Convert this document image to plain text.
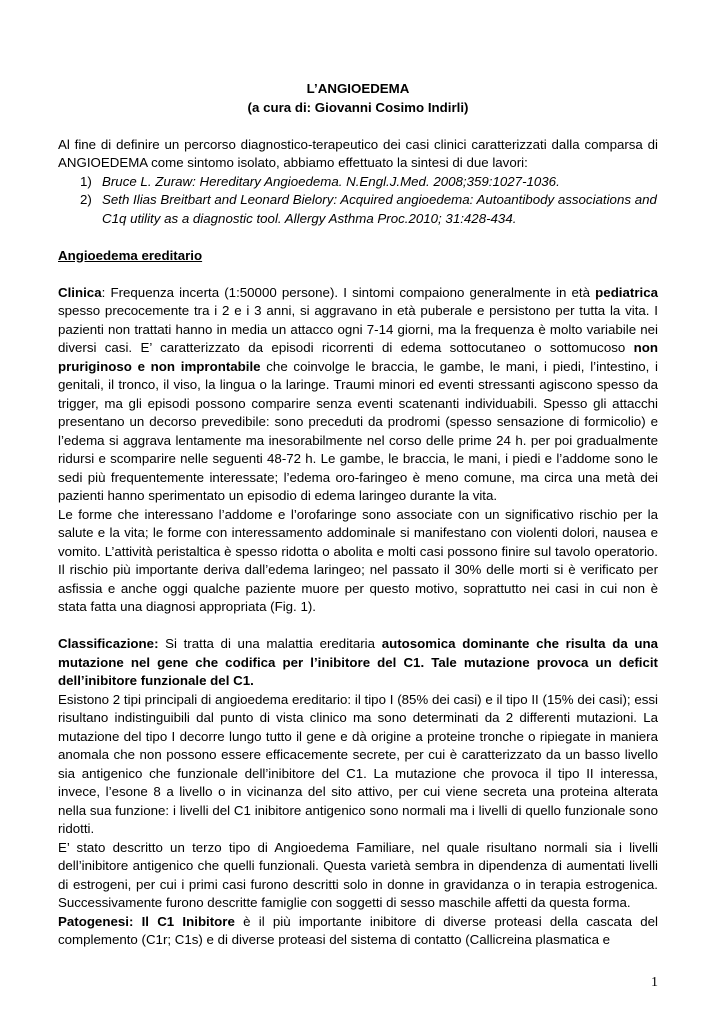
L’ANGIOEDEMA

(a cura di: Giovanni Cosimo Indirli)

Al fine di definire un percorso diagnostico-terapeutico dei casi clinici caratterizzati dalla comparsa di ANGIOEDEMA come sintomo isolato, abbiamo effettuato la sintesi di due lavori:

1) Bruce L. Zuraw: Hereditary Angioedema. N.Engl.J.Med. 2008;359:1027-1036.
2) Seth Ilias Breitbart and Leonard Bielory: Acquired angioedema: Autoantibody associations and C1q utility as a diagnostic tool. Allergy Asthma Proc.2010; 31:428-434.

Angioedema ereditario

Clinica: Frequenza incerta (1:50000 persone). I sintomi compaiono generalmente in età pediatrica spesso precocemente tra i 2 e i 3 anni, si aggravano in età puberale e persistono per tutta la vita. I pazienti non trattati hanno in media un attacco ogni 7-14 giorni, ma la frequenza è molto variabile nei diversi casi. E’ caratterizzato da episodi ricorrenti di edema sottocutaneo o sottomucoso non pruriginoso e non improntabile che coinvolge le braccia, le gambe, le mani, i piedi, l’intestino, i genitali, il tronco, il viso, la lingua o la laringe. Traumi minori ed eventi stressanti agiscono spesso da trigger, ma gli episodi possono comparire senza eventi scatenanti individuabili. Spesso gli attacchi presentano un decorso prevedibile: sono preceduti da prodromi (spesso sensazione di formicolio) e l’edema si aggrava lentamente ma inesorabilmente nel corso delle prime 24 h. per poi gradualmente ridursi e scomparire nelle seguenti 48-72 h. Le gambe, le braccia, le mani, i piedi e l’addome sono le sedi più frequentemente interessate; l’edema oro-faringeo è meno comune, ma circa una metà dei pazienti hanno sperimentato un episodio di edema laringeo durante la vita.

Le forme che interessano l’addome e l’orofaringe sono associate con un significativo rischio per la salute e la vita; le forme con interessamento addominale si manifestano con violenti dolori, nausea e vomito. L’attività peristaltica è spesso ridotta o abolita e molti casi possono finire sul tavolo operatorio. Il rischio più importante deriva dall’edema laringeo; nel passato il 30% delle morti si è verificato per asfissia e anche oggi qualche paziente muore per questo motivo, soprattutto nei casi in cui non è stata fatta una diagnosi appropriata (Fig. 1).

Classificazione: Si tratta di una malattia ereditaria autosomica dominante che risulta da una mutazione nel gene che codifica per l’inibitore del C1. Tale mutazione provoca un deficit dell’inibitore funzionale del C1.

Esistono 2 tipi principali di angioedema ereditario: il tipo I (85% dei casi) e il tipo II (15% dei casi); essi risultano indistinguibili dal punto di vista clinico ma sono determinati da 2 differenti mutazioni. La mutazione del tipo I decorre lungo tutto il gene e dà origine a proteine tronche o ripiegate in maniera anomala che non possono essere efficacemente secrete, per cui è caratterizzato da un basso livello sia antigenico che funzionale dell’inibitore del C1. La mutazione che provoca il tipo II interessa, invece, l’esone 8 a livello o in vicinanza del sito attivo, per cui viene secreta una proteina alterata nella sua funzione: i livelli del C1 inibitore antigenico sono normali ma i livelli di quello funzionale sono ridotti.

E’ stato descritto un terzo tipo di Angioedema Familiare, nel quale risultano normali sia i livelli dell’inibitore antigenico che quelli funzionali. Questa varietà sembra in dipendenza di aumentati livelli di estrogeni, per cui i primi casi furono descritti solo in donne in gravidanza o in terapia estrogenica. Successivamente furono descritte famiglie con soggetti di sesso maschile affetti da questa forma.

Patogenesi: Il C1 Inibitore è il più importante inibitore di diverse proteasi della cascata del complemento (C1r; C1s) e di diverse proteasi del sistema di contatto (Callicreina plasmatica e

1
